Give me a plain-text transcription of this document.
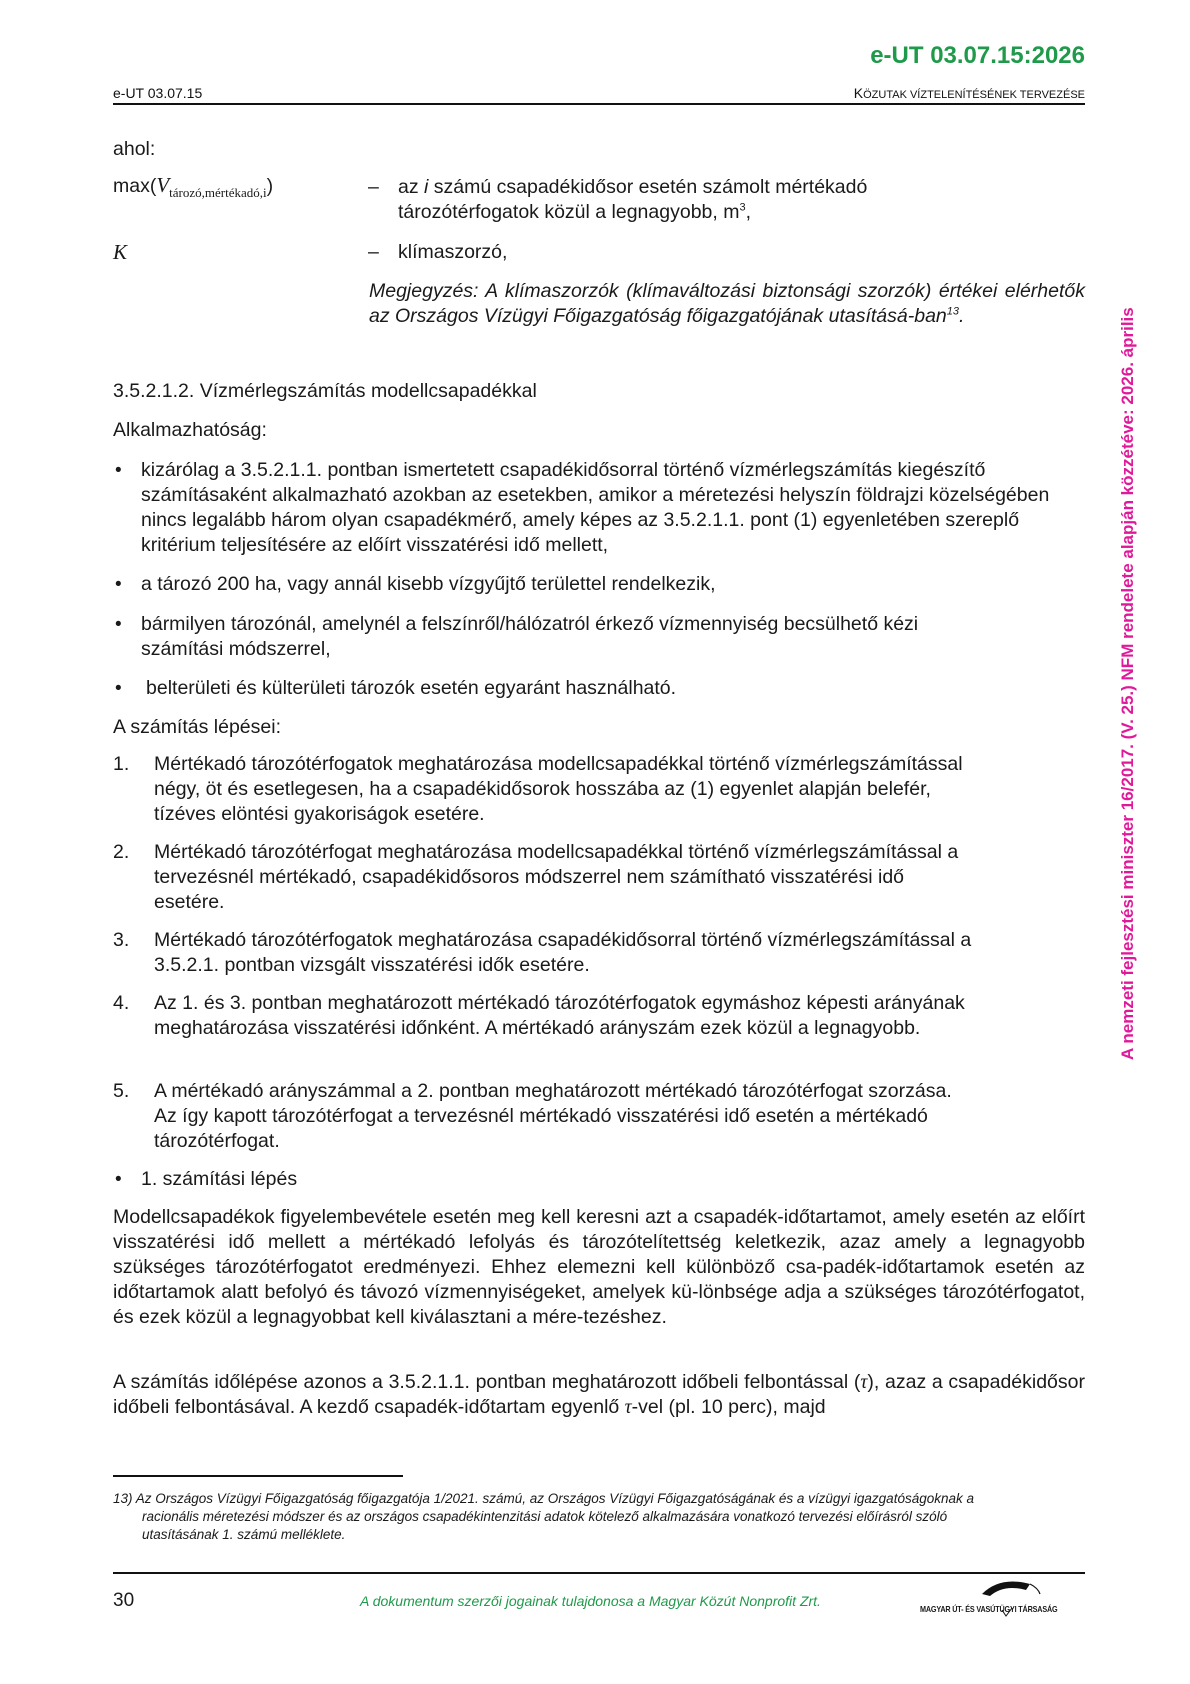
e-UT 03.07.15:2026
e-UT 03.07.15	KÖZUTAK VÍZTELENÍTÉSÉNEK TERVEZÉSE
A nemzeti fejlesztési miniszter 16/2017. (V. 25.) NFM rendelete alapján közzétéve: 2026. április
ahol:
$\max(V_{tározó,mértékadó,i})$	– az i számú csapadékidősor esetén számolt mértékadó
tározótérfogatok közül a legnagyobb, $m^3$,
K	– klímaszorzó,
Megjegyzés: A klímaszorzók (klímaváltozási biztonsági szorzók) értékei elérhetők az Országos Vízügyi Főigazgatóság főigazgatójának utasításá-ban$^{13}$.
3.5.2.1.2. Vízmérlegszámítás modellcsapadékkal
Alkalmazhatóság:
• kizárólag a 3.5.2.1.1. pontban ismertetett csapadékidősorral történő vízmérlegszámítás kiegészítő számításaként alkalmazható azokban az esetekben, amikor a méretezési helyszín földrajzi közelségében nincs legalább három olyan csapadékmérő, amely képes az 3.5.2.1.1. pont (1) egyenletében szereplő kritérium teljesítésére az előírt visszatérési idő mellett,
• a tározó 200 ha, vagy annál kisebb vízgyűjtő területtel rendelkezik,
• bármilyen tározónál, amelynél a felszínről/hálózatról érkező vízmennyiség becsülhető kézi számítási módszerrel,
• belterületi és külterületi tározók esetén egyaránt használható.
A számítás lépései:
1. Mértékadó tározótérfogatok meghatározása modellcsapadékkal történő vízmérlegszámítással négy, öt és esetlegesen, ha a csapadékidősorok hosszába az (1) egyenlet alapján belefér, tízéves elöntési gyakoriságok esetére.
2. Mértékadó tározótérfogat meghatározása modellcsapadékkal történő vízmérlegszámítással a tervezésnél mértékadó, csapadékidősoros módszerrel nem számítható visszatérési idő esetére.
3. Mértékadó tározótérfogatok meghatározása csapadékidősorral történő vízmérlegszámítással a 3.5.2.1. pontban vizsgált visszatérési idők esetére.
4. Az 1. és 3. pontban meghatározott mértékadó tározótérfogatok egymáshoz képesti arányának meghatározása visszatérési időnként. A mértékadó arányszám ezek közül a legnagyobb.
5. A mértékadó arányszámmal a 2. pontban meghatározott mértékadó tározótérfogat szorzása. Az így kapott tározótérfogat a tervezésnél mértékadó visszatérési idő esetén a mértékadó tározótérfogat.
• 1. számítási lépés
Modellcsapadékok figyelembevétele esetén meg kell keresni azt a csapadék-időtartamot, amely esetén az előírt visszatérési idő mellett a mértékadó lefolyás és tározótelítettség keletkezik, azaz amely a legnagyobb szükséges tározótérfogatot eredményezi. Ehhez elemezni kell különböző csa-padék-időtartamok esetén az időtartamok alatt befolyó és távozó vízmennyiségeket, amelyek kü-lönbsége adja a szükséges tározótérfogatot, és ezek közül a legnagyobbat kell kiválasztani a mére-tezéshez.
A számítás időlépése azonos a 3.5.2.1.1. pontban meghatározott időbeli felbontással (τ), azaz a csapadékidősor időbeli felbontásával. A kezdő csapadék-időtartam egyenlő τ-vel (pl. 10 perc), majd
13) Az Országos Vízügyi Főigazgatóság főigazgatója 1/2021. számú, az Országos Vízügyi Főigazgatóságának és a vízügyi igazgatóságoknak a racionális méretezési módszer és az országos csapadékintenzitási adatok kötelező alkalmazására vonatkozó tervezési előírásról szóló utasításának 1. számú melléklete.
30	A dokumentum szerzői jogainak tulajdonosa a Magyar Közút Nonprofit Zrt.	MAGYAR ÚT- ÉS VASÚTÜGYI TÁRSASÁG
